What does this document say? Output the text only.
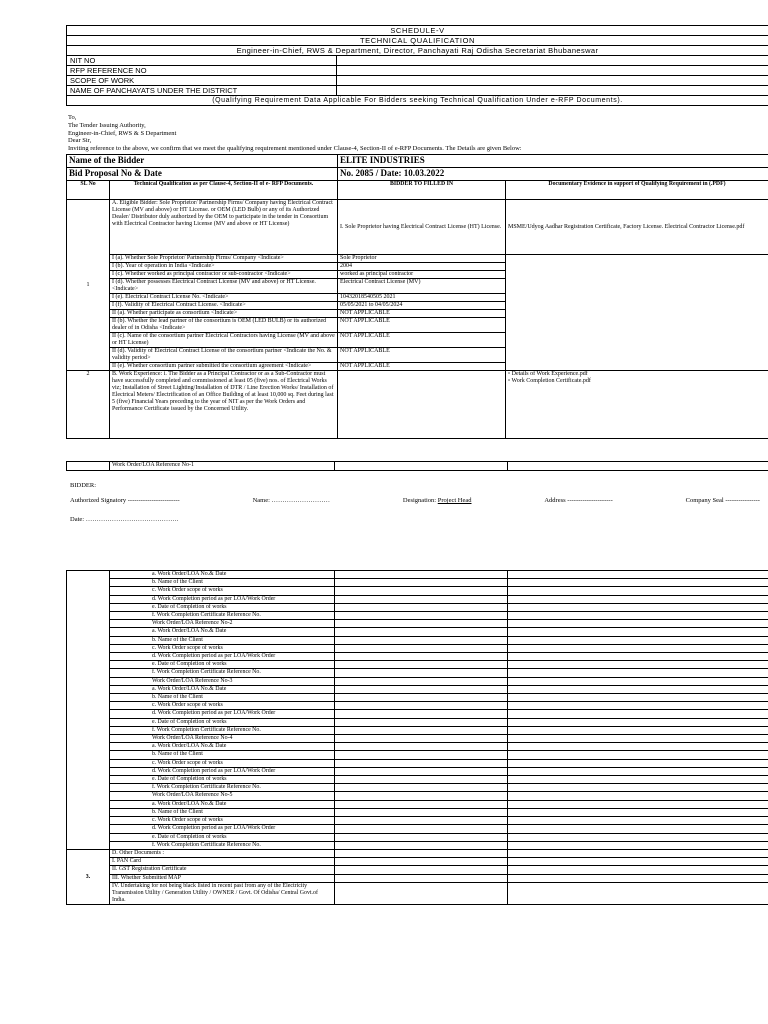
SCHEDULE-V	
TECHNICAL QUALIFICATION	
Engineer-in-Chief, RWS & Department, Director, Panchayati Raj Odisha Secretariat Bhubaneswar	
NIT NO	
RFP REFERENCE NO	
SCOPE OF WORK	
NAME OF PANCHAYATS UNDER THE DISTRICT	
(Qualifying Requirement Data Applicable For Bidders seeking Technical Qualification Under e-RFP Documents).	
To,
The Tender Issuing Authority,
Engineer-in-Chief, RWS & S Department
Dear Sir,
Inviting reference to the above, we confirm that we meet the qualifying requirement mentioned under Clause-4, Section-II of e-RFP Documents. The Details are given Below:
Name of the Bidder		ELITE INDUSTRIES	
Bid Proposal No & Date		No. 2085 / Date: 10.03.2022	
SL No	Technical Qualification as per Clause-4, Section-II of e- RFP Documents.	BIDDER TO FILLED IN	Documentary Evidence in support of Qualifying Requirement in (.PDF)
1	A. Eligible Bidder: Sole Proprietor/ Partnership Firms/ Company having Electrical Contract License (MV and above) or HT License. or OEM (LED Bulb) or any of its Authorized Dealer/ Distributor duly authorized by the OEM to participate in the tender in Consortium with Electrical Contractor having License (MV and above or HT License)	I. Sole Proprietor having Electrical Contract License (HT) License.	MSME/Udyog Aadhar Registration Certificate, Factory License. Electrical Contractor License.pdf
	I (a). Whether Sole Proprietor/ Partnership Firms/ Company <Indicate>	Sole Proprietor	
	I (b). Year of operation in India <Indicate>	2004	
	I (c). Whether worked as principal contractor or sub-contractor <Indicate>	worked as principal contractor	
	I (d). Whether possesses Electrical Contract License (MV and above) or HT License.<Indicate>	Electrical Contract License (MV)	
	I (e). Electrical Contract License No. <Indicate>	10432018540505 2021	
	I (f). Validity of Electrical Contract License. <Indicate>	05/05/2021 to 04/05/2024	
	II (a). Whether participate as consortium <Indicate>	NOT APPLICABLE	
	II (b). Whether the lead partner of the consortium is OEM (LED BULB) or its authorized dealer of in Odisha <Indicate>	NOT APPLICABLE	
	II (c). Name of the consortium partner Electrical Contractors having License (MV and above or HT License)	NOT APPLICABLE	
	II (d). Validity of Electrical Contract License of the consortium partner <Indicate the No. & validity period>	NOT APPLICABLE	
	II (e). Whether consortium partner submitted the consortium agreement <Indicate>	NOT APPLICABLE	
2	B. Work Experience: i. The Bidder as a Principal Contractor or as a Sub-Contractor must have successfully completed and commissioned at least 05 (five) nos. of Electrical Works viz; Installation of Street Lighting/Installation of DTR / Line Erection Works/ Installation of Electrical Meters/ Electrification of an Office Building of at least 10,000 sq. Feet during last 5 (five) Financial Years preceding to the year of NIT as per the Work Orders and Performance Certificate issued by the Concerned Utility.		▫ Details of Work Experience.pdf
▫ Work Completion Certificate.pdf
	Work Order/LOA Reference No-1		
BIDDER:
Authorized Signatory ------------------------	Name: ………………………	Designation: Project Head	Address ---------------------	Company Seal ----------------
Date: …………………………………….
	a. Work Order/LOA No.& Date		
	b. Name of the Client		
	c. Work Order scope of works		
	d. Work Completion period as per LOA/Work Order		
	e. Date of Completion of works		
	f. Work Completion Certificate Reference No.		
	Work Order/LOA Reference No-2		
	a. Work Order/LOA No.& Date		
	b. Name of the Client		
	c. Work Order scope of works		
	d. Work Completion period as per LOA/Work Order		
	e. Date of Completion of works		
	f. Work Completion Certificate Reference No.		
	Work Order/LOA Reference No-3		
	a. Work Order/LOA No.& Date		
	b. Name of the Client		
	c. Work Order scope of works		
	d. Work Completion period as per LOA/Work Order		
	e. Date of Completion of works		
	f. Work Completion Certificate Reference No.		
	Work Order/LOA Reference No-4		
	a. Work Order/LOA No.& Date		
	b. Name of the Client		
	c. Work Order scope of works		
	d. Work Completion period as per LOA/Work Order		
	e. Date of Completion of works		
	f. Work Completion Certificate Reference No.		
	Work Order/LOA Reference No-5		
	a. Work Order/LOA No.& Date		
	b. Name of the Client		
	c. Work Order scope of works		
	d. Work Completion period as per LOA/Work Order		
	e. Date of Completion of works		
	f. Work Completion Certificate Reference No.		
3.	D. Other Documents :		
	I. PAN Card		
	II. GST Registration Certificate		
	III. Whether Submitted MAP		
	IV. Undertaking for not being black listed in recent past from any of the Electricity Transmission Utility / Generation Utility / OWNER / Govt. Of Odisha/ Central Govt.of India.		
